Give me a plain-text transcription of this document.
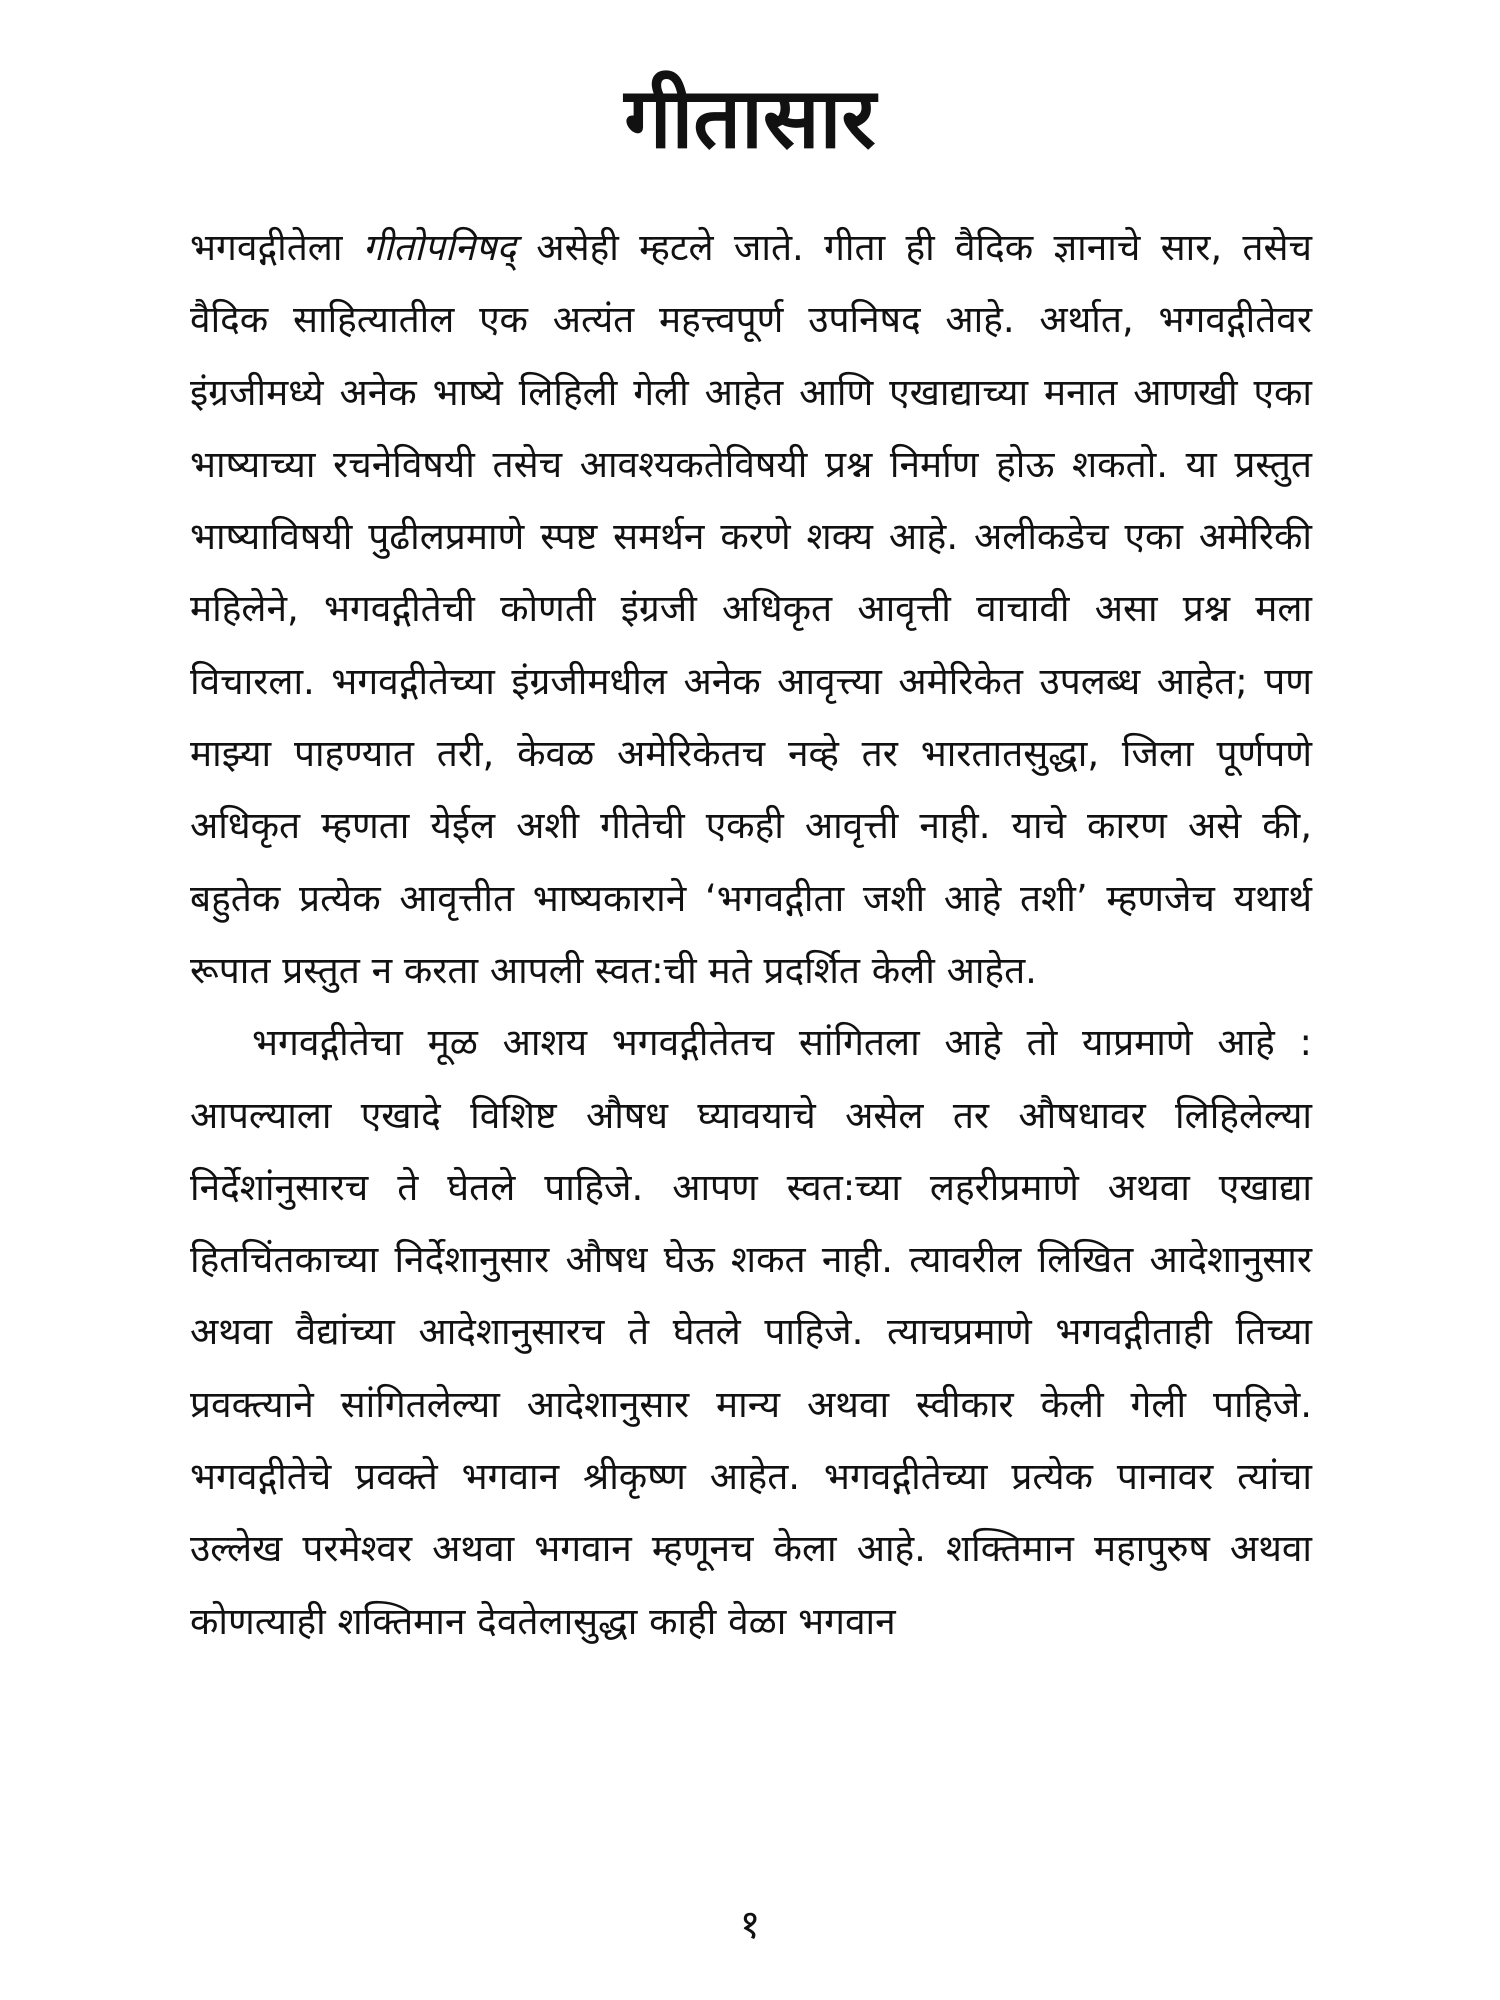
गीतासार

भगवद्गीतेला गीतोपनिषद् असेही म्हटले जाते. गीता ही वैदिक ज्ञानाचे सार, तसेच वैदिक साहित्यातील एक अत्यंत महत्त्वपूर्ण उपनिषद आहे. अर्थात, भगवद्गीतेवर इंग्रजीमध्ये अनेक भाष्ये लिहिली गेली आहेत आणि एखाद्याच्या मनात आणखी एका भाष्याच्या रचनेविषयी तसेच आवश्यकतेविषयी प्रश्न निर्माण होऊ शकतो. या प्रस्तुत भाष्याविषयी पुढीलप्रमाणे स्पष्ट समर्थन करणे शक्य आहे. अलीकडेच एका अमेरिकी महिलेने, भगवद्गीतेची कोणती इंग्रजी अधिकृत आवृत्ती वाचावी असा प्रश्न मला विचारला. भगवद्गीतेच्या इंग्रजीमधील अनेक आवृत्त्या अमेरिकेत उपलब्ध आहेत; पण माझ्या पाहण्यात तरी, केवळ अमेरिकेतच नव्हे तर भारतातसुद्धा, जिला पूर्णपणे अधिकृत म्हणता येईल अशी गीतेची एकही आवृत्ती नाही. याचे कारण असे की, बहुतेक प्रत्येक आवृत्तीत भाष्यकाराने ‘भगवद्गीता जशी आहे तशी’ म्हणजेच यथार्थ रूपात प्रस्तुत न करता आपली स्वत:ची मते प्रदर्शित केली आहेत.

भगवद्गीतेचा मूळ आशय भगवद्गीतेतच सांगितला आहे तो याप्रमाणे आहे : आपल्याला एखादे विशिष्ट औषध घ्यावयाचे असेल तर औषधावर लिहिलेल्या निर्देशांनुसारच ते घेतले पाहिजे. आपण स्वत:च्या लहरीप्रमाणे अथवा एखाद्या हितचिंतकाच्या निर्देशानुसार औषध घेऊ शकत नाही. त्यावरील लिखित आदेशानुसार अथवा वैद्यांच्या आदेशानुसारच ते घेतले पाहिजे. त्याचप्रमाणे भगवद्गीताही तिच्या प्रवक्त्याने सांगितलेल्या आदेशानुसार मान्य अथवा स्वीकार केली गेली पाहिजे. भगवद्गीतेचे प्रवक्ते भगवान श्रीकृष्ण आहेत. भगवद्गीतेच्या प्रत्येक पानावर त्यांचा उल्लेख परमेश्वर अथवा भगवान म्हणूनच केला आहे. शक्तिमान महापुरुष अथवा कोणत्याही शक्तिमान देवतेलासुद्धा काही वेळा भगवान

१
